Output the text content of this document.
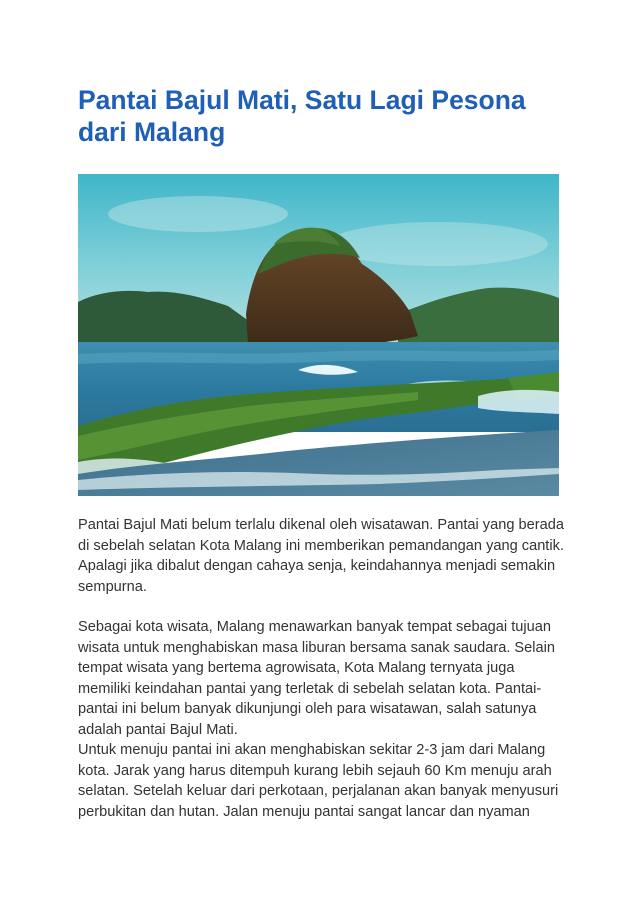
Pantai Bajul Mati, Satu Lagi Pesona
dari Malang

Pantai Bajul Mati belum terlalu dikenal oleh wisatawan. Pantai yang berada
di sebelah selatan Kota Malang ini memberikan pemandangan yang cantik.
Apalagi jika dibalut dengan cahaya senja, keindahannya menjadi semakin
sempurna.

Sebagai kota wisata, Malang menawarkan banyak tempat sebagai tujuan
wisata untuk menghabiskan masa liburan bersama sanak saudara. Selain
tempat wisata yang bertema agrowisata, Kota Malang ternyata juga
memiliki keindahan pantai yang terletak di sebelah selatan kota. Pantai-
pantai ini belum banyak dikunjungi oleh para wisatawan, salah satunya
adalah pantai Bajul Mati.

Untuk menuju pantai ini akan menghabiskan sekitar 2-3 jam dari Malang
kota. Jarak yang harus ditempuh kurang lebih sejauh 60 Km menuju arah
selatan. Setelah keluar dari perkotaan, perjalanan akan banyak menyusuri
perbukitan dan hutan. Jalan menuju pantai sangat lancar dan nyaman
